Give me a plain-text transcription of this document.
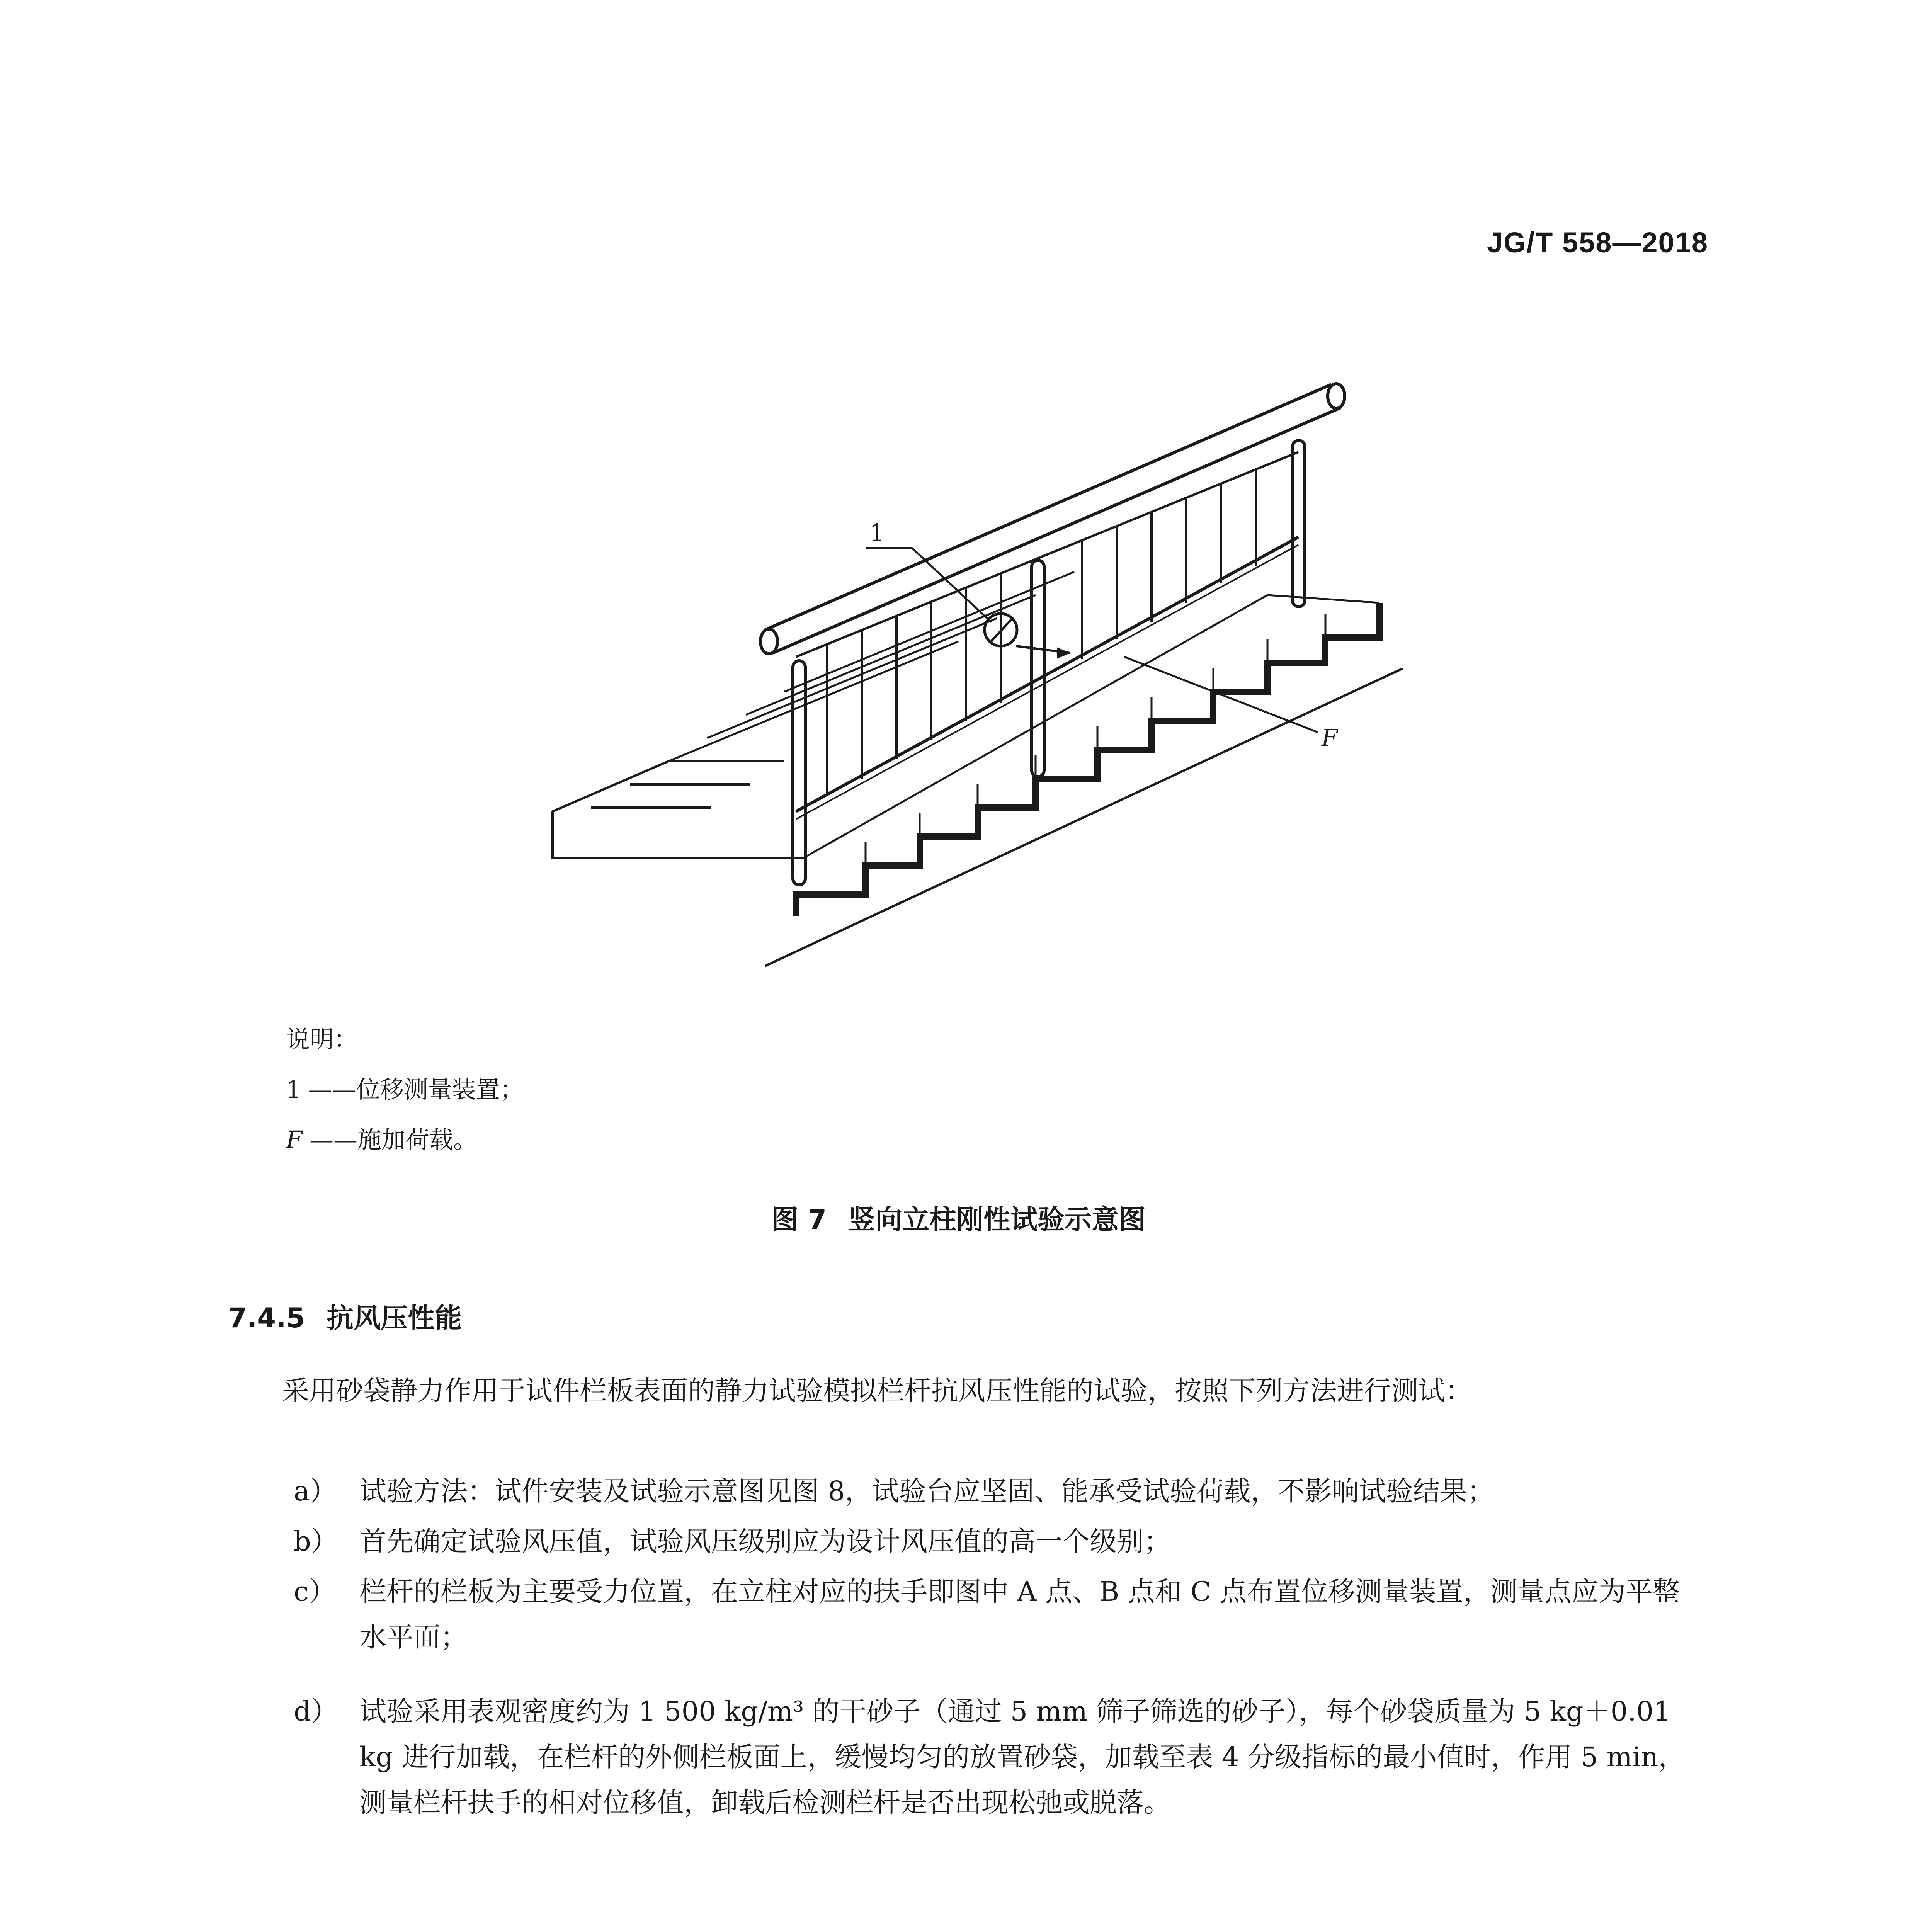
JG/T 558—2018
1
F
说明：
1 ——位移测量装置；
F ——施加荷载。
图 7 竖向立柱刚性试验示意图
7.4.5 抗风压性能
采用砂袋静力作用于试件栏板表面的静力试验模拟栏杆抗风压性能的试验，按照下列方法进行测试：
a） 试验方法：试件安装及试验示意图见图 8，试验台应坚固、能承受试验荷载，不影响试验结果；
b） 首先确定试验风压值，试验风压级别应为设计风压值的高一个级别；
c） 栏杆的栏板为主要受力位置，在立柱对应的扶手即图中 A 点、B 点和 C 点布置位移测量装置，测量点应为平整水平面；
d） 试验采用表观密度约为 1 500 kg/m³ 的干砂子（通过 5 mm 筛子筛选的砂子），每个砂袋质量为 5 kg＋0.01 kg 进行加载，在栏杆的外侧栏板面上，缓慢均匀的放置砂袋，加载至表 4 分级指标的最小值时，作用 5 min，测量栏杆扶手的相对位移值，卸载后检测栏杆是否出现松弛或脱落。
